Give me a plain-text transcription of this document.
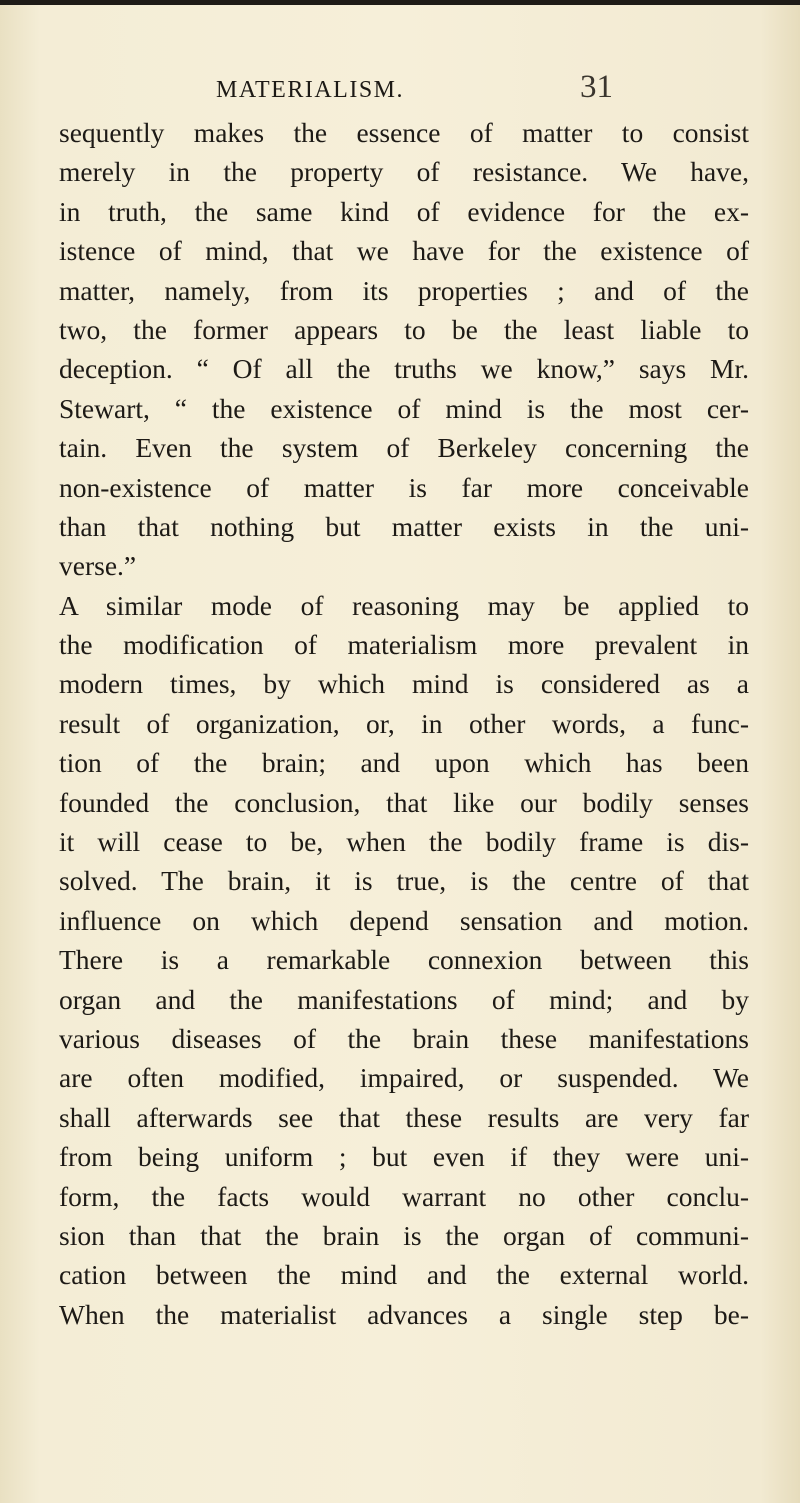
MATERIALISM.	31
sequently makes the essence of matter to consist
merely in the property of resistance. We have,
in truth, the same kind of evidence for the ex-
istence of mind, that we have for the existence of
matter, namely, from its properties ; and of the
two, the former appears to be the least liable to
deception. “ Of all the truths we know,” says Mr.
Stewart, “ the existence of mind is the most cer-
tain. Even the system of Berkeley concerning the
non-existence of matter is far more conceivable
than that nothing but matter exists in the uni-
verse.”
A similar mode of reasoning may be applied to
the modification of materialism more prevalent in
modern times, by which mind is considered as a
result of organization, or, in other words, a func-
tion of the brain; and upon which has been
founded the conclusion, that like our bodily senses
it will cease to be, when the bodily frame is dis-
solved. The brain, it is true, is the centre of that
influence on which depend sensation and motion.
There is a remarkable connexion between this
organ and the manifestations of mind; and by
various diseases of the brain these manifestations
are often modified, impaired, or suspended. We
shall afterwards see that these results are very far
from being uniform ; but even if they were uni-
form, the facts would warrant no other conclu-
sion than that the brain is the organ of communi-
cation between the mind and the external world.
When the materialist advances a single step be-
